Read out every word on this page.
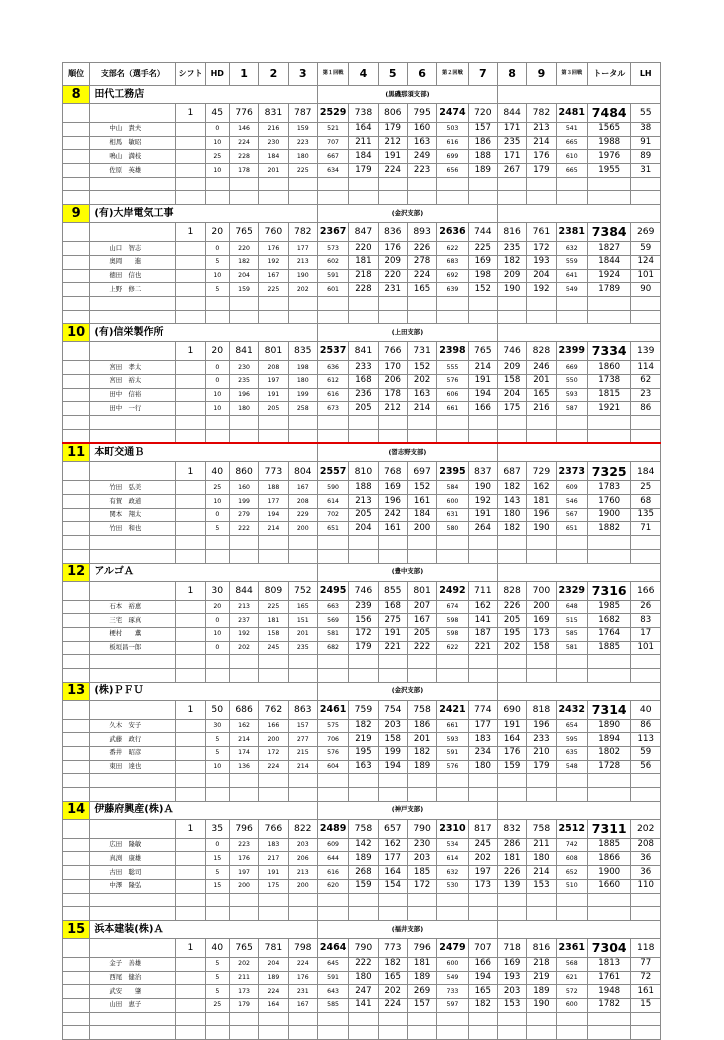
順位	支部名（選手名）	シフト	HD	1	2	3	第１回戦	4	5	6	第２回戦	7	8	9	第３回戦	トータル	LH
8	田代工務店						(黒磯那須支部)										
		1	45	776	831	787	2529	738	806	795	2474	720	844	782	2481	7484	55
	中山　貴夫		0	146	216	159	521	164	179	160	503	157	171	213	541	1565	38
	相馬　敏昭		10	224	230	223	707	211	212	163	616	186	235	214	665	1988	91
	鳴山　満枝		25	228	184	180	667	184	191	249	699	188	171	176	610	1976	89
	佐原　英雄		10	178	201	225	634	179	224	223	656	189	267	179	665	1955	31

9	(有)大岸電気工事						(金沢支部)										
		1	20	765	760	782	2367	847	836	893	2636	744	816	761	2381	7384	269
	山口　智志		0	220	176	177	573	220	176	226	622	225	235	172	632	1827	59
	奥岡　　進		5	182	192	213	602	181	209	278	683	169	182	193	559	1844	124
	徳田　信也		10	204	167	190	591	218	220	224	692	198	209	204	641	1924	101
	上野　修二		5	159	225	202	601	228	231	165	639	152	190	192	549	1789	90

10	(有)信栄製作所						(上田支部)										
		1	20	841	801	835	2537	841	766	731	2398	765	746	828	2399	7334	139
	宮田　孝太		0	230	208	198	636	233	170	152	555	214	209	246	669	1860	114
	宮田　裕太		0	235	197	180	612	168	206	202	576	191	158	201	550	1738	62
	田中　信裕		10	196	191	199	616	236	178	163	606	194	204	165	593	1815	23
	田中　一行		10	180	205	258	673	205	212	214	661	166	175	216	587	1921	86

11	本町交通Ｂ						(習志野支部)										
		1	40	860	773	804	2557	810	768	697	2395	837	687	729	2373	7325	184
	竹田　弘美		25	160	188	167	590	188	169	152	584	190	182	162	609	1783	25
	有賀　政道		10	199	177	208	614	213	196	161	600	192	143	181	546	1760	68
	関本　翔太		0	279	194	229	702	205	242	184	631	191	180	196	567	1900	135
	竹田　和也		5	222	214	200	651	204	161	200	580	264	182	190	651	1882	71

12	アルゴＡ						(豊中支部)										
		1	30	844	809	752	2495	746	855	801	2492	711	828	700	2329	7316	166
	石本　裕恵		20	213	225	165	663	239	168	207	674	162	226	200	648	1985	26
	三宅　琢真		0	237	181	151	569	156	275	167	598	141	205	169	515	1682	83
	梗村　　薫		10	192	158	201	581	172	191	205	598	187	195	173	585	1764	17
	板垣昌一郎		0	202	245	235	682	179	221	222	622	221	202	158	581	1885	101

13	(株)ＰＦＵ						(金沢支部)										
		1	50	686	762	863	2461	759	754	758	2421	774	690	818	2432	7314	40
	久木　安子		30	162	166	157	575	182	203	186	661	177	191	196	654	1890	86
	武藤　政行		5	214	200	277	706	219	158	201	593	183	164	233	595	1894	113
	番井　昭彦		5	174	172	215	576	195	199	182	591	234	176	210	635	1802	59
	東田　達也		10	136	224	214	604	163	194	189	576	180	159	179	548	1728	56

14	伊藤府興産(株)Ａ						(神戸支部)										
		1	35	796	766	822	2489	758	657	790	2310	817	832	758	2512	7311	202
	広田　隆敏		0	223	183	203	609	142	162	230	534	245	286	211	742	1885	208
	真渕　康雄		15	176	217	206	644	189	177	203	614	202	181	180	608	1866	36
	古田　聡司		5	197	191	213	616	268	164	185	632	197	226	214	652	1900	36
	中澤　隆弘		15	200	175	200	620	159	154	172	530	173	139	153	510	1660	110

15	浜本建装(株)Ａ						(福井支部)										
		1	40	765	781	798	2464	790	773	796	2479	707	718	816	2361	7304	118
	金子　善雄		5	202	204	224	645	222	182	181	600	166	169	218	568	1813	77
	西尾　健治		5	211	189	176	591	180	165	189	549	194	193	219	621	1761	72
	武安　　肇		5	173	224	231	643	247	202	269	733	165	203	189	572	1948	161
	山田　恵子		25	179	164	167	585	141	224	157	597	182	153	190	600	1782	15
